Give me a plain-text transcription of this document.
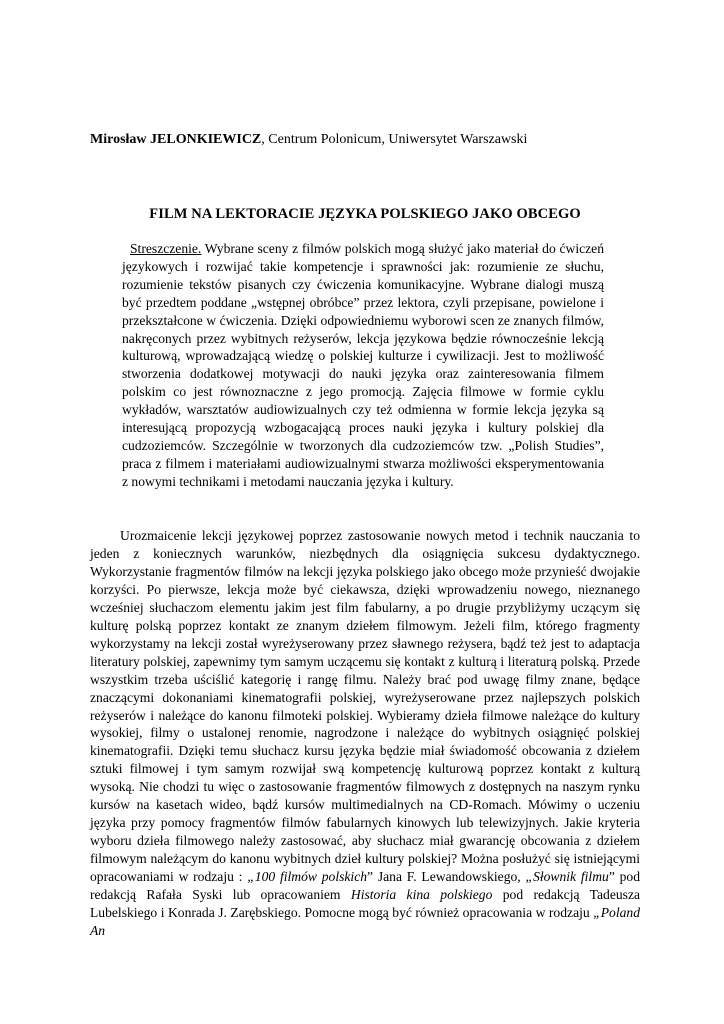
Mirosław JELONKIEWICZ, Centrum Polonicum, Uniwersytet Warszawski
FILM NA LEKTORACIE JĘZYKA POLSKIEGO JAKO OBCEGO
Streszczenie. Wybrane sceny z filmów polskich mogą służyć jako materiał do ćwiczeń językowych i rozwijać takie kompetencje i sprawności jak: rozumienie ze słuchu, rozumienie tekstów pisanych czy ćwiczenia komunikacyjne. Wybrane dialogi muszą być przedtem poddane „wstępnej obróbce” przez lektora, czyli przepisane, powielone i przekształcone w ćwiczenia. Dzięki odpowiedniemu wyborowi scen ze znanych filmów, nakręconych przez wybitnych reżyserów, lekcja językowa będzie równocześnie lekcją kulturową, wprowadzającą wiedzę o polskiej kulturze i cywilizacji. Jest to możliwość stworzenia dodatkowej motywacji do nauki języka oraz zainteresowania filmem polskim co jest równoznaczne z jego promocją. Zajęcia filmowe w formie cyklu wykładów, warsztatów audiowizualnych czy też odmienna w formie lekcja języka są interesującą propozycją wzbogacającą proces nauki języka i kultury polskiej dla cudzoziemców. Szczególnie w tworzonych dla cudzoziemców tzw. „Polish Studies”, praca z filmem i materiałami audiowizualnymi stwarza możliwości eksperymentowania z nowymi technikami i metodami nauczania języka i kultury.
Urozmaicenie lekcji językowej poprzez zastosowanie nowych metod i technik nauczania to jeden z koniecznych warunków, niezbędnych dla osiągnięcia sukcesu dydaktycznego. Wykorzystanie fragmentów filmów na lekcji języka polskiego jako obcego może przynieść dwojakie korzyści. Po pierwsze, lekcja może być ciekawsza, dzięki wprowadzeniu nowego, nieznanego wcześniej słuchaczom elementu jakim jest film fabularny, a po drugie przybliżymy uczącym się kulturę polską poprzez kontakt ze znanym dziełem filmowym. Jeżeli film, którego fragmenty wykorzystamy na lekcji został wyreżyserowany przez sławnego reżysera, bądź też jest to adaptacja literatury polskiej, zapewnimy tym samym uczącemu się kontakt z kulturą i literaturą polską. Przede wszystkim trzeba uściślić kategorię i rangę filmu. Należy brać pod uwagę filmy znane, będące znaczącymi dokonaniami kinematografii polskiej, wyreżyserowane przez najlepszych polskich reżyserów i należące do kanonu filmoteki polskiej. Wybieramy dzieła filmowe należące do kultury wysokiej, filmy o ustalonej renomie, nagrodzone i należące do wybitnych osiągnięć polskiej kinematografii. Dzięki temu słuchacz kursu języka będzie miał świadomość obcowania z dziełem sztuki filmowej i tym samym rozwijał swą kompetencję kulturową poprzez kontakt z kulturą wysoką. Nie chodzi tu więc o zastosowanie fragmentów filmowych z dostępnych na naszym rynku kursów na kasetach wideo, bądź kursów multimedialnych na CD-Romach. Mówimy o uczeniu języka przy pomocy fragmentów filmów fabularnych kinowych lub telewizyjnych. Jakie kryteria wyboru dzieła filmowego należy zastosować, aby słuchacz miał gwarancję obcowania z dziełem filmowym należącym do kanonu wybitnych dzieł kultury polskiej? Można posłużyć się istniejącymi opracowaniami w rodzaju : „100 filmów polskich” Jana F. Lewandowskiego, „Słownik filmu” pod redakcją Rafała Syski lub opracowaniem Historia kina polskiego pod redakcją Tadeusza Lubelskiego i Konrada J. Zarębskiego. Pomocne mogą być również opracowania w rodzaju „Poland An
